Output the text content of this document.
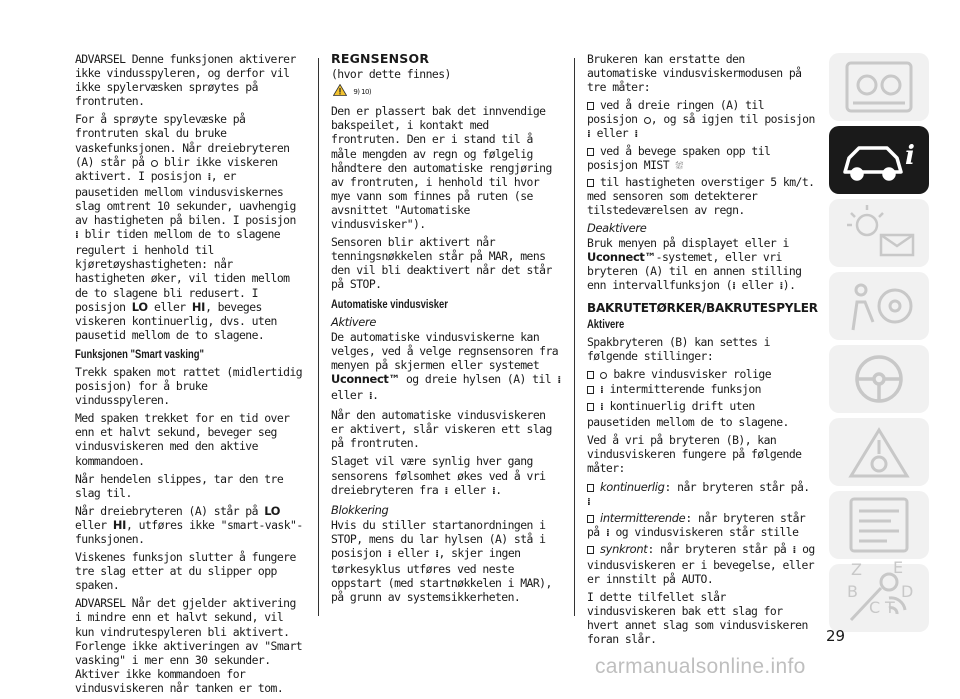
ADVARSEL Denne funksjonen aktiverer ikke vindusspyleren, og derfor vil ikke spylervæsken sprøytes på frontruten.

For å sprøyte spylevæske på frontruten skal du bruke vaskefunksjonen. Når dreiebryteren (A) står på blir ikke viskeren aktivert. I posisjon ⁞, er pausetiden mellom vindusviskernes slag omtrent 10 sekunder, uavhengig av hastigheten på bilen. I posisjon ⁞ blir tiden mellom de to slagene regulert i henhold til kjøretøyshastigheten: når hastigheten øker, vil tiden mellom de to slagene bli redusert. I posisjon LO eller HI, beveges viskeren kontinuerlig, dvs. uten pausetid mellom de to slagene.

Funksjonen "Smart vasking"

Trekk spaken mot rattet (midlertidig posisjon) for å bruke vindusspyleren.

Med spaken trekket for en tid over enn et halvt sekund, beveger seg vindusviskeren med den aktive kommandoen.

Når hendelen slippes, tar den tre slag til.

Når dreiebryteren (A) står på LO eller HI, utføres ikke "smart-vask"-funksjonen.

Viskenes funksjon slutter å fungere tre slag etter at du slipper opp spaken.

ADVARSEL Når det gjelder aktivering i mindre enn et halvt sekund, vil kun vindrutespyleren bli aktivert. Forlenge ikke aktiveringen av "Smart vasking" i mer enn 30 sekunder. Aktiver ikke kommandoen for vindusviskeren når tanken er tom.

REGNSENSOR

(hvor dette finnes)

9) 10)

Den er plassert bak det innvendige bakspeilet, i kontakt med frontruten. Den er i stand til å måle mengden av regn og følgelig håndtere den automatiske rengjøring av frontruten, i henhold til hvor mye vann som finnes på ruten (se avsnittet "Automatiske vindusvisker").

Sensoren blir aktivert når tenningsnøkkelen står på MAR, mens den vil bli deaktivert når det står på STOP.

Automatiske vindusvisker

Aktivere

De automatiske vindusviskerne kan velges, ved å velge regnsensoren fra menyen på skjermen eller systemet Uconnect™ og dreie hylsen (A) til ⁞ eller ⁞.

Når den automatiske vindusviskeren er aktivert, slår viskeren ett slag på frontruten.

Slaget vil være synlig hver gang sensorens følsomhet økes ved å vri dreiebryteren fra ⁞ eller ⁞.

Blokkering

Hvis du stiller startanordningen i STOP, mens du lar hylsen (A) stå i posisjon ⁞ eller ⁞, skjer ingen tørkesyklus utføres ved neste oppstart (med startnøkkelen i MAR), på grunn av systemsikkerheten.

Brukeren kan erstatte den automatiske vindusviskermodusen på tre måter:

ved å dreie ringen (A) til posisjon , og så igjen til posisjon ⁞ eller ⁞

ved å bevege spaken opp til posisjon MIST ⛆

til hastigheten overstiger 5 km/t. med sensoren som detekterer tilstedeværelsen av regn.

Deaktivere

Bruk menyen på displayet eller i Uconnect™-systemet, eller vri bryteren (A) til en annen stilling enn intervallfunksjon (⁞ eller ⁞).

BAKRUTETØRKER/BAKRUTESPYLER
Aktivere

Spakbryteren (B) kan settes i følgende stillinger:

bakre vindusvisker rolige

⁞ intermitterende funksjon

⁞ kontinuerlig drift uten pausetiden mellom de to slagene.

Ved å vri på bryteren (B), kan vindusviskeren fungere på følgende måter:

kontinuerlig: når bryteren står på. ⁞

intermitterende: når bryteren står på ⁞ og vindusviskeren står stille

synkront: når bryteren står på ⁞ og vindusviskeren er i bevegelse, eller er innstilt på AUTO.

I dette tilfellet slår vindusviskeren bak ett slag for hvert annet slag som vindusviskeren foran slår.

i
Z E
B	D
C T
29
carmanualsonline.info
